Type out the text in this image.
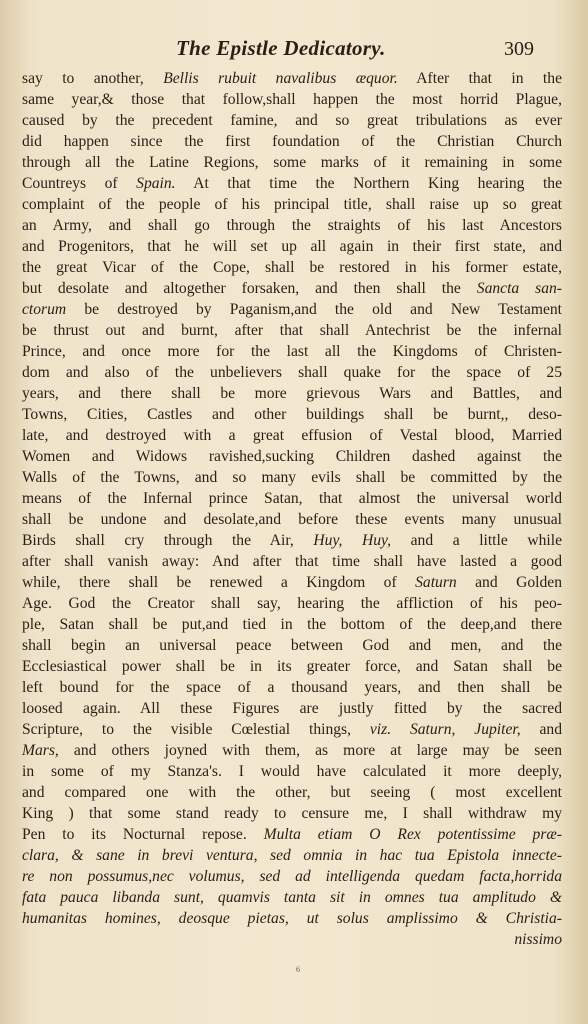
The Epistle Dedicatory.	309
say to another, Bellis rubuit navalibus æquor. After that in the
same year,& those that follow,shall happen the most horrid Plague,
caused by the precedent famine, and so great tribulations as ever
did happen since the first foundation of the Christian Church
through all the Latine Regions, some marks of it remaining in some
Countreys of Spain. At that time the Northern King hearing the
complaint of the people of his principal title, shall raise up so great
an Army, and shall go through the straights of his last Ancestors
and Progenitors, that he will set up all again in their first state, and
the great Vicar of the Cope, shall be restored in his former estate,
but desolate and altogether forsaken, and then shall the Sancta san-
ctorum be destroyed by Paganism,and the old and New Testament
be thrust out and burnt, after that shall Antechrist be the infernal
Prince, and once more for the last all the Kingdoms of Christen-
dom and also of the unbelievers shall quake for the space of 25
years, and there shall be more grievous Wars and Battles, and
Towns, Cities, Castles and other buildings shall be burnt,, deso-
late, and destroyed with a great effusion of Vestal blood, Married
Women and Widows ravished,sucking Children dashed against the
Walls of the Towns, and so many evils shall be committed by the
means of the Infernal prince Satan, that almost the universal world
shall be undone and desolate,and before these events many unusual
Birds shall cry through the Air, Huy, Huy, and a little while
after shall vanish away: And after that time shall have lasted a good
while, there shall be renewed a Kingdom of Saturn and Golden
Age. God the Creator shall say, hearing the affliction of his peo-
ple, Satan shall be put,and tied in the bottom of the deep,and there
shall begin an universal peace between God and men, and the
Ecclesiastical power shall be in its greater force, and Satan shall be
left bound for the space of a thousand years, and then shall be
loosed again. All these Figures are justly fitted by the sacred
Scripture, to the visible Cœlestial things, viz. Saturn, Jupiter, and
Mars, and others joyned with them, as more at large may be seen
in some of my Stanza's. I would have calculated it more deeply,
and compared one with the other, but seeing ( most excellent
King ) that some stand ready to censure me, I shall withdraw my
Pen to its Nocturnal repose. Multa etiam O Rex potentissime præ-
clara, & sane in brevi ventura, sed omnia in hac tua Epistola innecte-
re non possumus,nec volumus, sed ad intelligenda quedam facta,horrida
fata pauca libanda sunt, quamvis tanta sit in omnes tua amplitudo &
humanitas homines, deosque pietas, ut solus amplissimo & Christia-
nissimo
6
